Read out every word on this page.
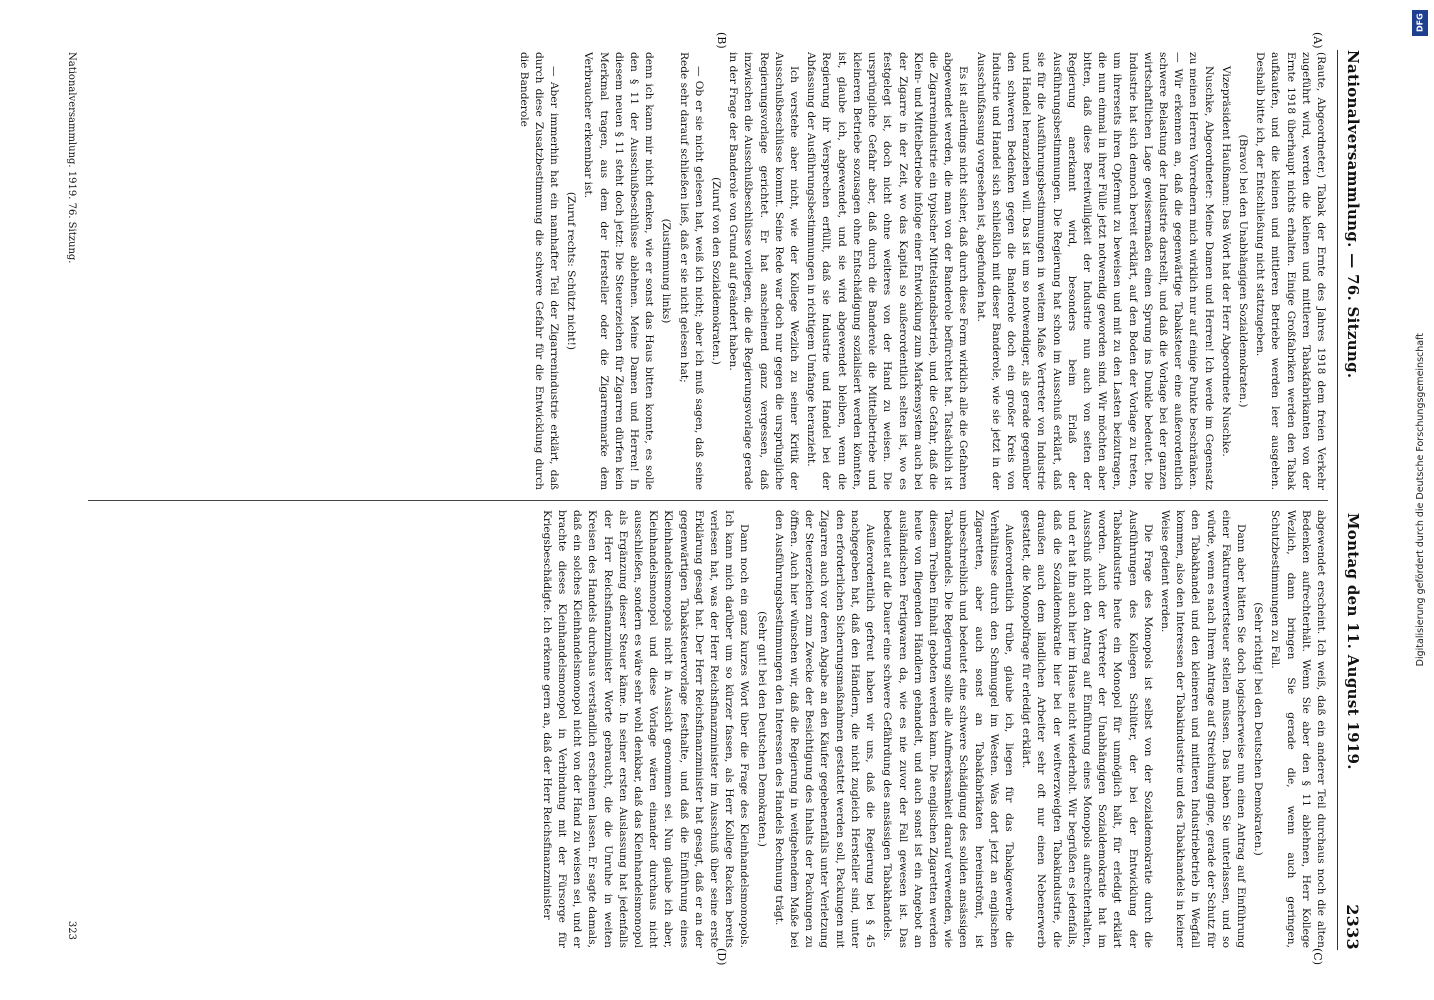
Nationalversammlung. — 76. Sitzung.
Montag den 11. August 1919.
2333
(A)
(B)
(C)
(D)

(Raute, Abgeordneter.) Tabak der Ernte des Jahres 1918 dem freien Verkehr zugeführt wird, werden die kleinen und mittleren Tabakfabrikanten von der Ernte 1918 überhaupt nichts erhalten. Einige Großfabriken werden den Tabak aufkaufen, und die kleinen und mittleren Betriebe werden leer ausgehen. Deshalb bitte ich, der Entschließung nicht stattzugeben.

(Bravo! bei den Unabhängigen Sozialdemokraten.)

Vizepräsident Haußmann: Das Wort hat der Herr Abgeordnete Nuschke.

Nuschke, Abgeordneter: Meine Damen und Herren! Ich werde im Gegensatz zu meinen Herren Vorrednern mich wirklich nur auf einige Punkte beschränken. — Wir erkennen an, daß die gegenwärtige Tabaksteuer eine außerordentlich schwere Belastung der Industrie darstellt, und daß die Vorlage bei der ganzen wirtschaftlichen Lage gewissermaßen einen Sprung ins Dunkle bedeutet. Die Industrie hat sich dennoch bereit erklärt, auf den Boden der Vorlage zu treten, um ihrerseits ihren Opfermut zu beweisen und mit zu den Lasten beizutragen, die nun einmal in ihrer Fülle jetzt notwendig geworden sind. Wir möchten aber bitten, daß diese Bereitwilligkeit der Industrie nun auch von seiten der Regierung anerkannt wird, besonders beim Erlaß der Ausführungsbestimmungen. Die Regierung hat schon im Ausschuß erklärt, daß sie für die Ausführungsbestimmungen in weitem Maße Vertreter von Industrie und Handel heranziehen will. Das ist um so notwendiger, als gerade gegenüber den schweren Bedenken gegen die Banderole doch ein großer Kreis von Industrie und Handel sich schließlich mit dieser Banderole, wie sie jetzt in der Ausschußfassung vorgesehen ist, abgefunden hat.

Es ist allerdings nicht sicher, daß durch diese Form wirklich alle die Gefahren abgewendet werden, die man von der Banderole befürchtet hat. Tatsächlich ist die Zigarrenindustrie ein typischer Mittelstandsbetrieb, und die Gefahr, daß die Klein- und Mittelbetriebe infolge einer Entwicklung zum Markensystem auch bei der Zigarre in der Zeit, wo das Kapital so außerordentlich selten ist, wo es festgelegt ist, doch nicht ohne weiteres von der Hand zu weisen. Die ursprüngliche Gefahr aber, daß durch die Banderole die Mittelbetriebe und kleineren Betriebe sozusagen ohne Entschädigung sozialisiert werden könnten, ist, glaube ich, abgewendet, und sie wird abgewendet bleiben, wenn die Regierung ihr Versprechen erfüllt, daß sie Industrie und Handel bei der Abfassung der Ausführungsbestimmungen in richtigem Umfange heranzieht.

Ich verstehe aber nicht, wie der Kollege Wezlich zu seiner Kritik der Ausschußbeschlüsse kommt. Seine Rede war doch nur gegen die ursprüngliche Regierungsvorlage gerichtet. Er hat anscheinend ganz vergessen, daß inzwischen die Ausschußbeschlüsse vorliegen, die die Regierungsvorlage gerade in der Frage der Banderole von Grund auf geändert haben.

(Zuruf von den Sozialdemokraten.)

— Ob er sie nicht gelesen hat, weiß ich nicht; aber ich muß sagen, daß seine Rede sehr darauf schließen ließ, daß er sie nicht gelesen hat;

(Zustimmung links)

denn ich kann mir nicht denken, wie er sonst das Haus bitten konnte, es solle den § 11 der Ausschußbeschlüsse ablehnen. Meine Damen und Herren! In diesem neuen § 11 steht doch jetzt: Die Steuerzeichen für Zigarren dürfen kein Merkmal tragen, aus dem der Hersteller oder die Zigarrenmarke dem Verbraucher erkennbar ist.

(Zuruf rechts: Schützt nicht!)

— Aber immerhin hat ein namhafter Teil der Zigarrenindustrie erklärt, daß durch diese Zusatzbestimmung die schwere Gefahr für die Entwicklung durch die Banderole

abgewendet erscheint. Ich weiß, daß ein anderer Teil durchaus noch die alten Bedenken aufrechterhält. Wenn Sie aber den § 11 ablehnen, Herr Kollege Wezlich, dann bringen Sie gerade die, wenn auch geringen, Schutzbestimmungen zu Fall.

(Sehr richtig! bei den Deutschen Demokraten.)

Dann aber hätten Sie doch logischerweise nun einen Antrag auf Einführung einer Fakturenwertsteuer stellen müssen. Das haben Sie unterlassen, und so würde, wenn es nach Ihrem Antrage auf Streichung ginge, gerade der Schutz für den Tabakhandel und den kleineren und mittleren Industriebetrieb in Wegfall kommen, also den Interessen der Tabakindustrie und des Tabakhandels in keiner Weise gedient werden.

Die Frage des Monopols ist selbst von der Sozialdemokratie durch die Ausführungen des Kollegen Schlüter, der bei der Entwicklung der Tabakindustrie heute ein Monopol für unmöglich hält, für erledigt erklärt worden. Auch der Vertreter der Unabhängigen Sozialdemokratie hat im Ausschuß nicht den Antrag auf Einführung eines Monopols aufrechterhalten, und er hat ihn auch hier im Hause nicht wiederholt. Wir begrüßen es jedenfalls, daß die Sozialdemokratie hier bei der weitverzweigten Tabakindustrie, die draußen auch dem ländlichen Arbeiter sehr oft nur einen Nebenerwerb gestattet, die Monopolfrage für erledigt erklärt.

Außerordentlich trübe, glaube ich, liegen für das Tabakgewerbe die Verhältnisse durch den Schmuggel im Westen. Was dort jetzt an englischen Zigaretten, aber auch sonst an Tabakfabrikaten hereinströmt, ist unbeschreiblich und bedeutet eine schwere Schädigung des soliden ansässigen Tabakhandels. Die Regierung sollte alle Aufmerksamkeit darauf verwenden, wie diesem Treiben Einhalt geboten werden kann. Die englischen Zigaretten werden heute von fliegenden Händlern gehandelt, und auch sonst ist ein Angebot an ausländischen Fertigwaren da, wie es nie zuvor der Fall gewesen ist. Das bedeutet auf die Dauer eine schwere Gefährdung des ansässigen Tabakhandels.

Außerordentlich gefreut haben wir uns, daß die Regierung bei § 45 nachgegeben hat, daß den Händlern, die nicht zugleich Hersteller sind, unter den erforderlichen Sicherungsmaßnahmen gestattet werden soll, Packungen mit Zigarren auch vor deren Abgabe an den Käufer gegebenenfalls unter Verletzung der Steuerzeichen zum Zwecke der Besichtigung des Inhalts der Packungen zu öffnen. Auch hier wünschen wir, daß die Regierung in weitgehendem Maße bei den Ausführungsbestimmungen den Interessen des Handels Rechnung trägt.

(Sehr gut! bei den Deutschen Demokraten.)

Dann noch ein ganz kurzes Wort über die Frage des Kleinhandelsmonopols. Ich kann mich darüber um so kürzer fassen, als Herr Kollege Racken bereits verlesen hat, was der Herr Reichsfinanzminister im Ausschuß über seine erste Erklärung gesagt hat. Der Herr Reichsfinanzminister hat gesagt, daß er an der gegenwärtigen Tabaksteuervorlage festhalte, und daß die Einführung eines Kleinhandelsmonopols nicht in Aussicht genommen sei. Nun glaube ich aber, Kleinhandelsmonopol und diese Vorlage wären einander durchaus nicht ausschließen, sondern es wäre sehr wohl denkbar, daß das Kleinhandelsmonopol als Ergänzung dieser Steuer käme. In seiner ersten Auslassung hat jedenfalls der Herr Reichsfinanzminister Worte gebraucht, die die Unruhe in weiten Kreisen des Handels durchaus verständlich erscheinen lassen. Er sagte damals, daß ein solches Kleinhandelsmonopol nicht von der Hand zu weisen sei, und er brachte dieses Kleinhandelsmonopol in Verbindung mit der Fürsorge für Kriegsbeschädigte. Ich erkenne gern an, daß der Herr Reichsfinanzminister

Nationalversammlung. 1919. 76. Sitzung.
323
DFG
Digitalisierung gefördert durch die Deutsche Forschungsgemeinschaft
